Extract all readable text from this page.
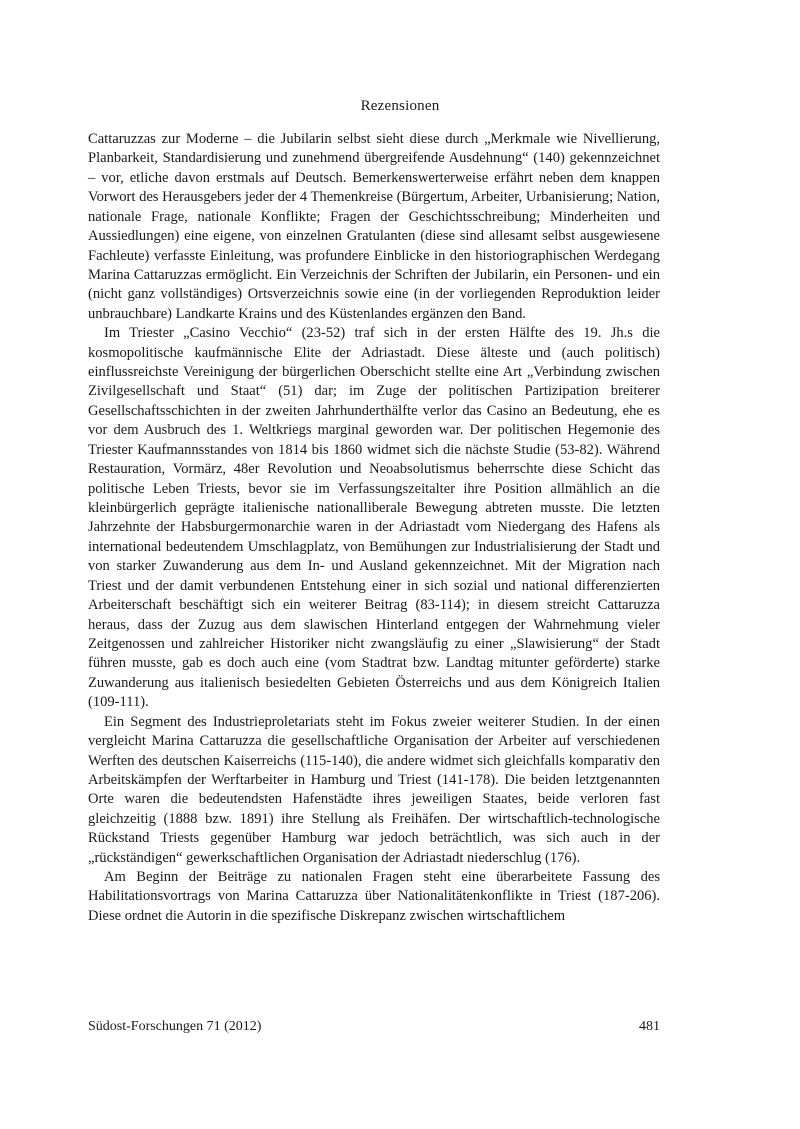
Rezensionen

Cattaruzzas zur Moderne – die Jubilarin selbst sieht diese durch „Merkmale wie Nivellierung, Planbarkeit, Standardisierung und zunehmend übergreifende Ausdehnung“ (140) gekennzeichnet – vor, etliche davon erstmals auf Deutsch. Bemerkenswerterweise erfährt neben dem knappen Vorwort des Herausgebers jeder der 4 Themenkreise (Bürgertum, Arbeiter, Urbanisierung; Nation, nationale Frage, nationale Konflikte; Fragen der Geschichtsschreibung; Minderheiten und Aussiedlungen) eine eigene, von einzelnen Gratulanten (diese sind allesamt selbst ausgewiesene Fachleute) verfasste Einleitung, was profundere Einblicke in den historiographischen Werdegang Marina Cattaruzzas ermöglicht. Ein Verzeichnis der Schriften der Jubilarin, ein Personen- und ein (nicht ganz vollständiges) Ortsverzeichnis sowie eine (in der vorliegenden Reproduktion leider unbrauchbare) Landkarte Krains und des Küstenlandes ergänzen den Band.

Im Triester „Casino Vecchio“ (23-52) traf sich in der ersten Hälfte des 19. Jh.s die kosmopolitische kaufmännische Elite der Adriastadt. Diese älteste und (auch politisch) einflussreichste Vereinigung der bürgerlichen Oberschicht stellte eine Art „Verbindung zwischen Zivilgesellschaft und Staat“ (51) dar; im Zuge der politischen Partizipation breiterer Gesellschaftsschichten in der zweiten Jahrhunderthälfte verlor das Casino an Bedeutung, ehe es vor dem Ausbruch des 1. Weltkriegs marginal geworden war. Der politischen Hegemonie des Triester Kaufmannsstandes von 1814 bis 1860 widmet sich die nächste Studie (53-82). Während Restauration, Vormärz, 48er Revolution und Neoabsolutismus beherrschte diese Schicht das politische Leben Triests, bevor sie im Verfassungszeitalter ihre Position allmählich an die kleinbürgerlich geprägte italienische nationalliberale Bewegung abtreten musste. Die letzten Jahrzehnte der Habsburgermonarchie waren in der Adriastadt vom Niedergang des Hafens als international bedeutendem Umschlagplatz, von Bemühungen zur Industrialisierung der Stadt und von starker Zuwanderung aus dem In- und Ausland gekennzeichnet. Mit der Migration nach Triest und der damit verbundenen Entstehung einer in sich sozial und national differenzierten Arbeiterschaft beschäftigt sich ein weiterer Beitrag (83-114); in diesem streicht Cattaruzza heraus, dass der Zuzug aus dem slawischen Hinterland entgegen der Wahrnehmung vieler Zeitgenossen und zahlreicher Historiker nicht zwangsläufig zu einer „Slawisierung“ der Stadt führen musste, gab es doch auch eine (vom Stadtrat bzw. Landtag mitunter geförderte) starke Zuwanderung aus italienisch besiedelten Gebieten Österreichs und aus dem Königreich Italien (109-111).

Ein Segment des Industrieproletariats steht im Fokus zweier weiterer Studien. In der einen vergleicht Marina Cattaruzza die gesellschaftliche Organisation der Arbeiter auf verschiedenen Werften des deutschen Kaiserreichs (115-140), die andere widmet sich gleichfalls komparativ den Arbeitskämpfen der Werftarbeiter in Hamburg und Triest (141-178). Die beiden letztgenannten Orte waren die bedeutendsten Hafenstädte ihres jeweiligen Staates, beide verloren fast gleichzeitig (1888 bzw. 1891) ihre Stellung als Freihäfen. Der wirtschaftlich-technologische Rückstand Triests gegenüber Hamburg war jedoch beträchtlich, was sich auch in der „rückständigen“ gewerkschaftlichen Organisation der Adriastadt niederschlug (176).

Am Beginn der Beiträge zu nationalen Fragen steht eine überarbeitete Fassung des Habilitationsvortrags von Marina Cattaruzza über Nationalitätenkonflikte in Triest (187-206). Diese ordnet die Autorin in die spezifische Diskrepanz zwischen wirtschaftlichem

Südost-Forschungen 71 (2012)	481
